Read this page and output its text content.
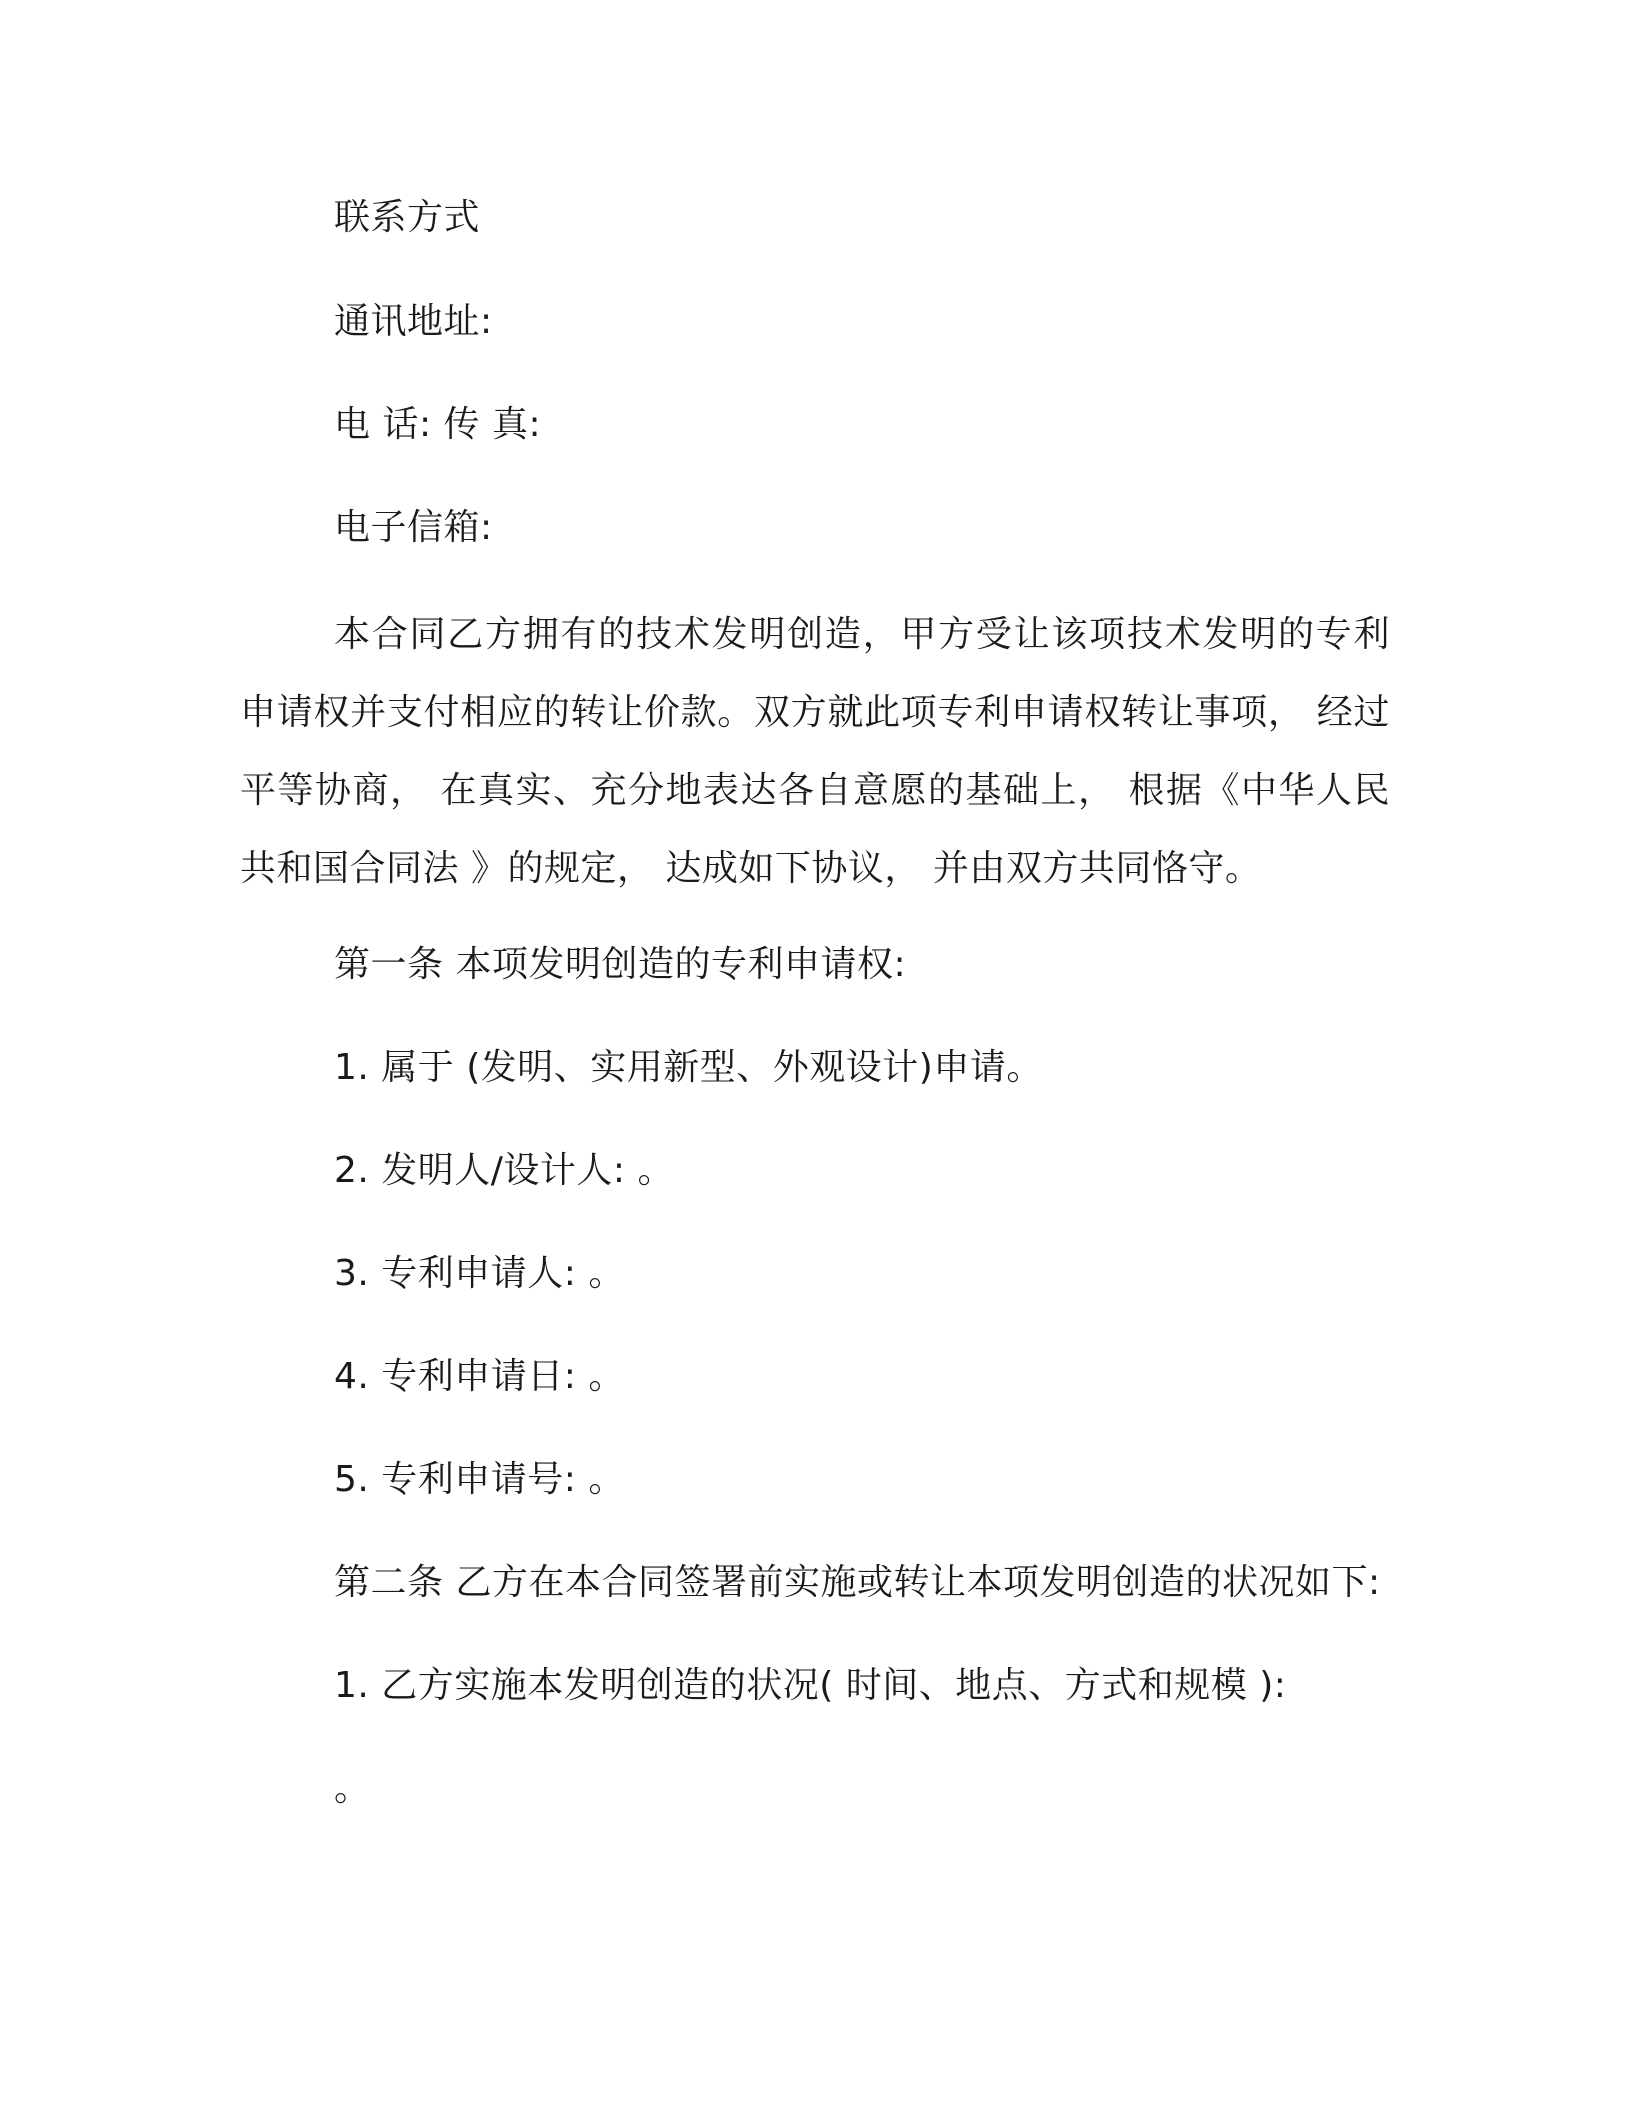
联系方式
通讯地址:
电 话: 传 真:
电子信箱:
本合同乙方拥有的技术发明创造，甲方受让该项技术发明的专利申请权并支付相应的转让价款。双方就此项专利申请权转让事项， 经过平等协商， 在真实、充分地表达各自意愿的基础上， 根据《中华人民共和国合同法 》的规定， 达成如下协议， 并由双方共同恪守。
第一条 本项发明创造的专利申请权:
1. 属于 (发明、实用新型、外观设计)申请。
2. 发明人/设计人: 。
3. 专利申请人: 。
4. 专利申请日: 。
5. 专利申请号: 。
第二条 乙方在本合同签署前实施或转让本项发明创造的状况如下:
1. 乙方实施本发明创造的状况( 时间、地点、方式和规模 ):
。
